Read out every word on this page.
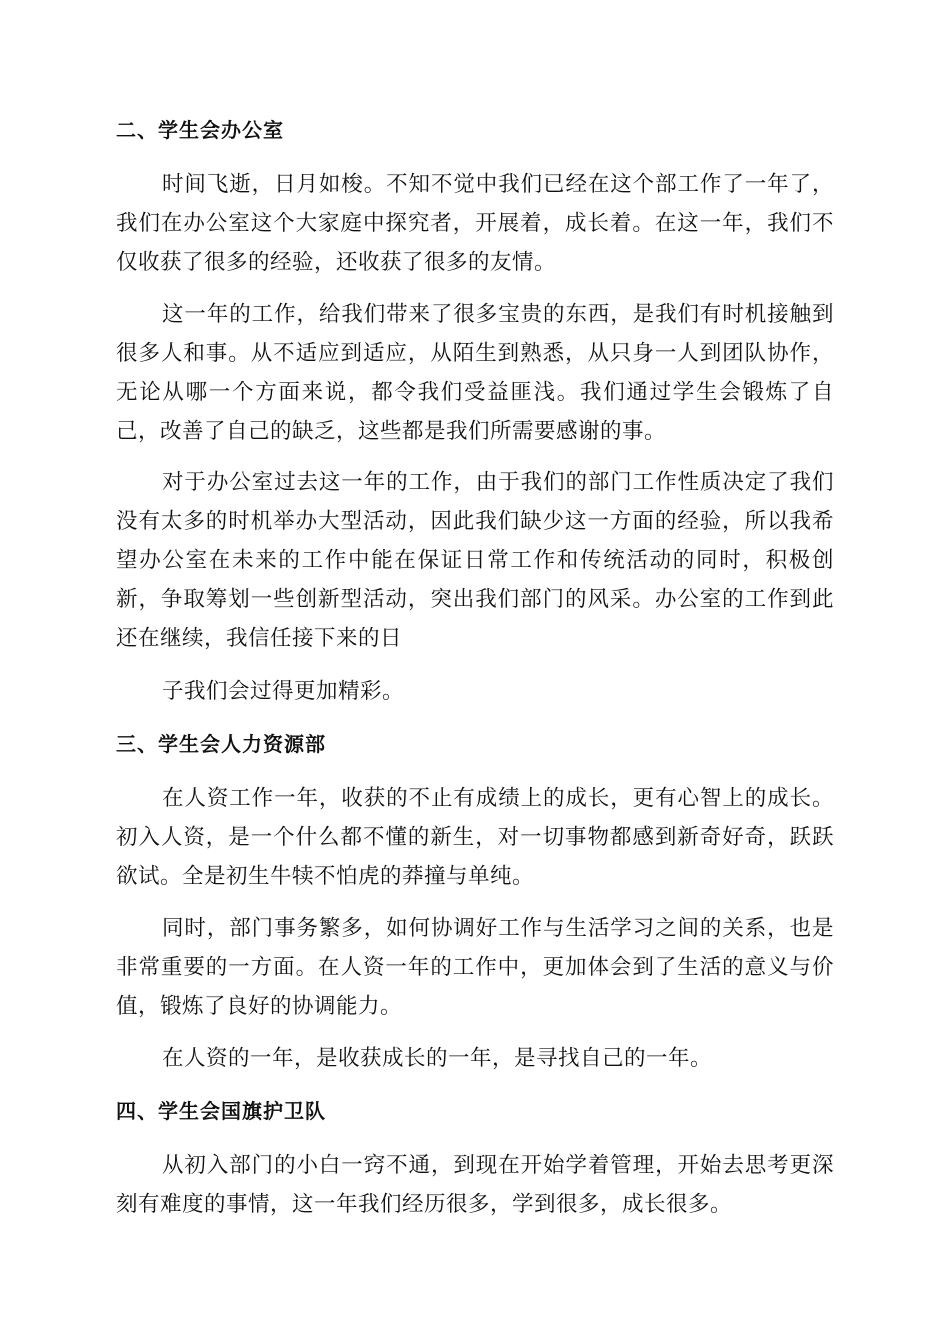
二、学生会办公室

时间飞逝，日月如梭。不知不觉中我们已经在这个部工作了一年了，我们在办公室这个大家庭中探究者，开展着，成长着。在这一年，我们不仅收获了很多的经验，还收获了很多的友情。

这一年的工作，给我们带来了很多宝贵的东西，是我们有时机接触到很多人和事。从不适应到适应，从陌生到熟悉，从只身一人到团队协作，无论从哪一个方面来说，都令我们受益匪浅。我们通过学生会锻炼了自己，改善了自己的缺乏，这些都是我们所需要感谢的事。

对于办公室过去这一年的工作，由于我们的部门工作性质决定了我们没有太多的时机举办大型活动，因此我们缺少这一方面的经验，所以我希望办公室在未来的工作中能在保证日常工作和传统活动的同时，积极创新，争取筹划一些创新型活动，突出我们部门的风采。办公室的工作到此还在继续，我信任接下来的日

子我们会过得更加精彩。

三、学生会人力资源部

在人资工作一年，收获的不止有成绩上的成长，更有心智上的成长。初入人资，是一个什么都不懂的新生，对一切事物都感到新奇好奇，跃跃欲试。全是初生牛犊不怕虎的莽撞与单纯。

同时，部门事务繁多，如何协调好工作与生活学习之间的关系，也是非常重要的一方面。在人资一年的工作中，更加体会到了生活的意义与价值，锻炼了良好的协调能力。

在人资的一年，是收获成长的一年，是寻找自己的一年。

四、学生会国旗护卫队

从初入部门的小白一窍不通，到现在开始学着管理，开始去思考更深刻有难度的事情，这一年我们经历很多，学到很多，成长很多。
